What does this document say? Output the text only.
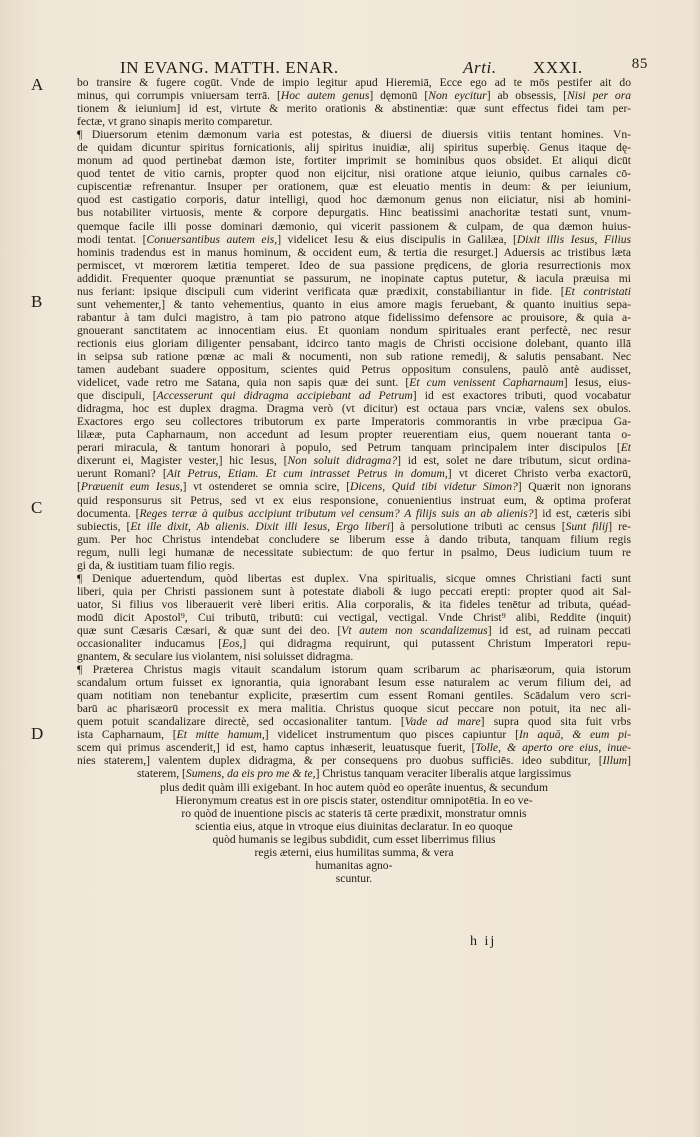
IN EVANG. MATTH. ENAR.	Arti. XXXI.	85
A
B
C
D
bo transire & fugere cogūt. Vnde de impio legitur apud Hieremiā, Ecce ego ad te mōs pestifer ait do
minus, qui corrumpis vniuersam terrā. [Hoc autem genus] dęmonū [Non eycitur] ab obsessis, [Nisi per ora
tionem & ieiunium] id est, virtute & merito orationis & abstinentiæ: quæ sunt effectus fidei tam per-
fectæ, vt grano sinapis merito comparetur.
¶ Diuersorum etenim dæmonum varia est potestas, & diuersi de diuersis vitiis tentant homines. Vn-
de quidam dicuntur spiritus fornicationis, alij spiritus inuidiæ, alij spiritus superbię. Genus itaque dę-
monum ad quod pertinebat dæmon iste, fortiter imprimit se hominibus quos obsidet. Et aliqui dicūt
quod tentet de vitio carnis, propter quod non eijcitur, nisi oratione atque ieiunio, quibus carnales cō-
cupiscentiæ refrenantur. Insuper per orationem, quæ est eleuatio mentis in deum: & per ieiunium,
quod est castigatio corporis, datur intelligi, quod hoc dæmonum genus non eiiciatur, nisi ab homini-
bus notabiliter virtuosis, mente & corpore depurgatis. Hinc beatissimi anachoritæ testati sunt, vnum-
quemque facile illi posse dominari dæmonio, qui vicerit passionem & culpam, de qua dæmon huius-
modi tentat. [Conuersantibus autem eis,] videlicet Iesu & eius discipulis in Galilæa, [Dixit illis Iesus, Filius
hominis tradendus est in manus hominum, & occident eum, & tertia die resurget.] Aduersis ac tristibus læta
permiscet, vt mœrorem lætitia temperet. Ideo de sua passione prędicens, de gloria resurrectionis mox
addidit. Frequenter quoque prænuntiat se passurum, ne inopinate captus putetur, & iacula præuisa mi
nus feriant: ipsique discipuli cum viderint verificata quæ prædixit, constabiliantur in fide. [Et contristati
sunt vehementer,] & tanto vehementius, quanto in eius amore magis feruebant, & quanto inuitius sepa-
rabantur à tam dulci magistro, à tam pio patrono atque fidelissimo defensore ac prouisore, & quia a-
gnouerant sanctitatem ac innocentiam eius. Et quoniam nondum spirituales erant perfectè, nec resur
rectionis eius gloriam diligenter pensabant, idcirco tanto magis de Christi occisione dolebant, quanto illā
in seipsa sub ratione pœnæ ac mali & nocumenti, non sub ratione remedij, & salutis pensabant. Nec
tamen audebant suadere oppositum, scientes quid Petrus oppositum consulens, paulò antè audisset,
videlicet, vade retro me Satana, quia non sapis quæ dei sunt. [Et cum venissent Capharnaum] Iesus, eius-
que discipuli, [Accesserunt qui didragma accipiebant ad Petrum] id est exactores tributi, quod vocabatur
didragma, hoc est duplex dragma. Dragma verò (vt dicitur) est octaua pars vnciæ, valens sex obulos.
Exactores ergo seu collectores tributorum ex parte Imperatoris commorantis in vrbe præcipua Ga-
lilææ, puta Capharnaum, non accedunt ad Iesum propter reuerentiam eius, quem nouerant tanta o-
perari miracula, & tantum honorari à populo, sed Petrum tanquam principalem inter discipulos [Et
dixerunt ei, Magister vester,] hic Iesus, [Non soluit didragma?] id est, solet ne dare tributum, sicut ordina-
uerunt Romani? [Ait Petrus, Etiam. Et cum intrasset Petrus in domum,] vt diceret Christo verba exactorū,
[Præuenit eum Iesus,] vt ostenderet se omnia scire, [Dicens, Quid tibi videtur Simon?] Quærit non ignorans
quid responsurus sit Petrus, sed vt ex eius responsione, conuenientius instruat eum, & optima proferat
documenta. [Reges terræ à quibus accipiunt tributum vel censum? A filijs suis an ab alienis?] id est, cæteris sibi
subiectis, [Et ille dixit, Ab alienis. Dixit illi Iesus, Ergo liberi] à persolutione tributi ac census [Sunt filij] re-
gum. Per hoc Christus intendebat concludere se liberum esse à dando tributa, tanquam filium regis
regum, nulli legi humanæ de necessitate subiectum: de quo fertur in psalmo, Deus iudicium tuum re
gi da, & iustitiam tuam filio regis.
¶ Denique aduertendum, quòd libertas est duplex. Vna spiritualis, sicque omnes Christiani facti sunt
liberi, quia per Christi passionem sunt à potestate diaboli & iugo peccati erepti: propter quod ait Sal-
uator, Si filius vos liberauerit verè liberi eritis. Alia corporalis, & ita fideles tenētur ad tributa, quéad-
modū dicit Apostol⁹, Cui tributū, tributū: cui vectigal, vectigal. Vnde Christ⁹ alibi, Reddite (inquit)
quæ sunt Cæsaris Cæsari, & quæ sunt dei deo. [Vt autem non scandalizemus] id est, ad ruinam peccati
occasionaliter inducamus [Eos,] qui didragma requirunt, qui putassent Christum Imperatori repu-
gnantem, & seculare ius violantem, nisi soluisset didragma.
¶ Præterea Christus magis vitauit scandalum istorum quam scribarum ac pharisæorum, quia istorum
scandalum ortum fuisset ex ignorantia, quia ignorabant Iesum esse naturalem ac verum filium dei, ad
quam notitiam non tenebantur explicite, præsertim cum essent Romani gentiles. Scādalum vero scri-
barū ac pharisæorū processit ex mera malitia. Christus quoque sicut peccare non potuit, ita nec ali-
quem potuit scandalizare directè, sed occasionaliter tantum. [Vade ad mare] supra quod sita fuit vrbs
ista Capharnaum, [Et mitte hamum,] videlicet instrumentum quo pisces capiuntur [In aquā, & eum pi-
scem qui primus ascenderit,] id est, hamo captus inhæserit, leuatusque fuerit, [Tolle, & aperto ore eius, inue-
nies staterem,] valentem duplex didragma, & per consequens pro duobus sufficiēs. ideo subditur, [Illum]
staterem, [Sumens, da eis pro me & te,] Christus tanquam veraciter liberalis atque largissimus
plus dedit quàm illi exigebant. In hoc autem quòd eo operâte inuentus, & secundum
Hieronymum creatus est in ore piscis stater, ostenditur omnipotētia. In eo ve-
ro quòd de inuentione piscis ac stateris tā certe prædixit, monstratur omnis
scientia eius, atque in vtroque eius diuinitas declaratur. In eo quoque
quòd humanis se legibus subdidit, cum esset liberrimus filius
regis æterni, eius humilitas summa, & vera
humanitas agno-
scuntur.
h ij
